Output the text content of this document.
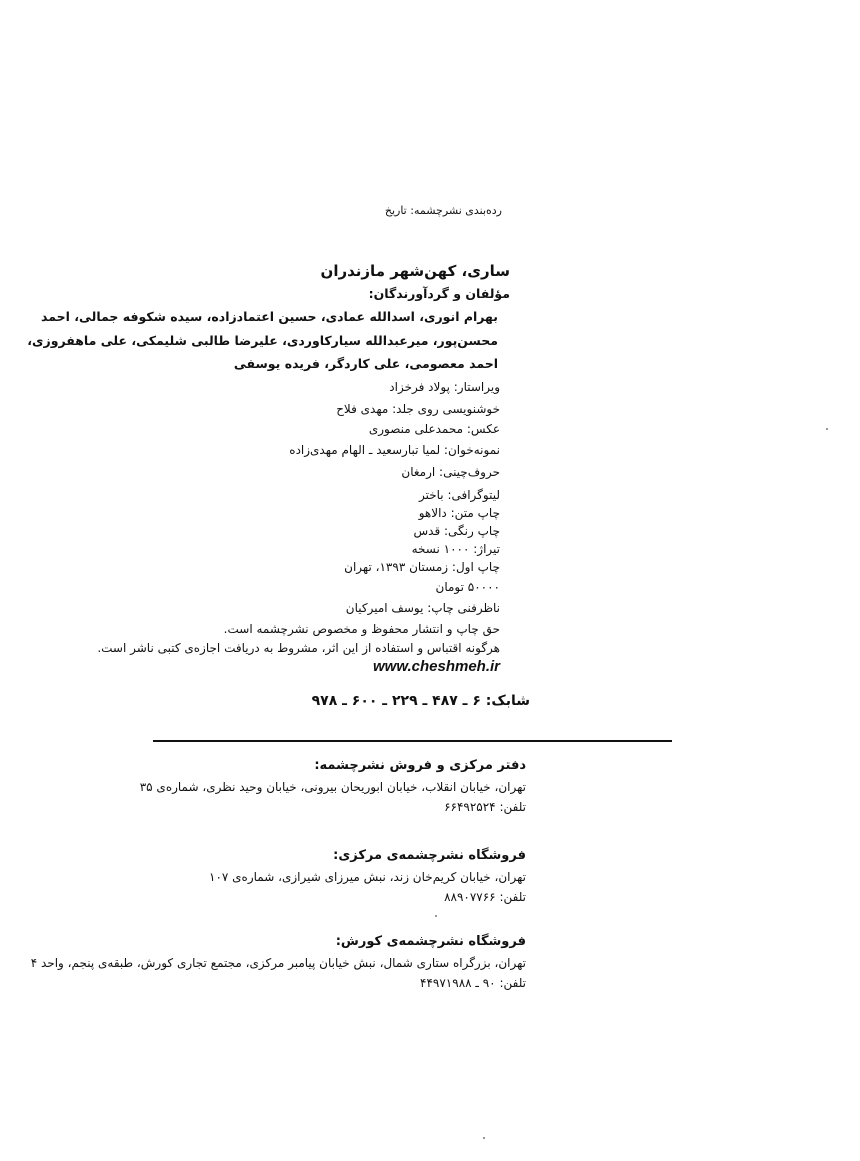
رده‌بندی نشرچشمه: تاریخ
ساری، کهن‌شهر مازندران
مؤلفان و گردآورندگان:
بهرام انوری، اسدالله عمادی، حسین اعتمادزاده، سیده شکوفه جمالی، احمد
محسن‌پور، میرعبدالله سیارکاوردی، علیرضا طالبی شلیمکی، علی ماهفروزی،
احمد معصومی، علی کاردگر، فریده یوسفی
ویراستار: پولاد فرخزاد
خوشنویسی روی جلد: مهدی فلاح
عکس: محمدعلی منصوری
نمونه‌خوان: لمیا تبارسعید ـ الهام مهدی‌زاده
حروف‌چینی: ارمغان
لیتوگرافی: باختر
چاپ متن: دالاهو
چاپ رنگی: قدس
تیراژ: ۱۰۰۰ نسخه
چاپ اول: زمستان ۱۳۹۳، تهران
۵۰۰۰۰ تومان
ناظرفنی چاپ: یوسف امیرکیان
حق چاپ و انتشار محفوظ و مخصوص نشرچشمه است.
هرگونه اقتباس و استفاده از این اثر، مشروط به دریافت اجازه‌ی کتبی ناشر است.
www.cheshmeh.ir
شابک: ۶ ـ ۴۸۷ ـ ۲۲۹ ـ ۶۰۰ ـ ۹۷۸
دفتر مرکزی و فروش نشرچشمه:
تهران، خیابان انقلاب، خیابان ابوریحان بیرونی، خیابان وحید نظری، شماره‌ی ۳۵
تلفن: ۶۶۴۹۲۵۲۴
فروشگاه نشرچشمه‌ی مرکزی:
تهران، خیابان کریم‌خان زند، نبش میرزای شیرازی، شماره‌ی ۱۰۷
تلفن: ۸۸۹۰۷۷۶۶
فروشگاه نشرچشمه‌ی کورش:
تهران، بزرگراه ستاری شمال، نبش خیابان پیامبر مرکزی، مجتمع تجاری کورش، طبقه‌ی پنجم، واحد ۴
تلفن: ۹۰ ـ ۴۴۹۷۱۹۸۸
